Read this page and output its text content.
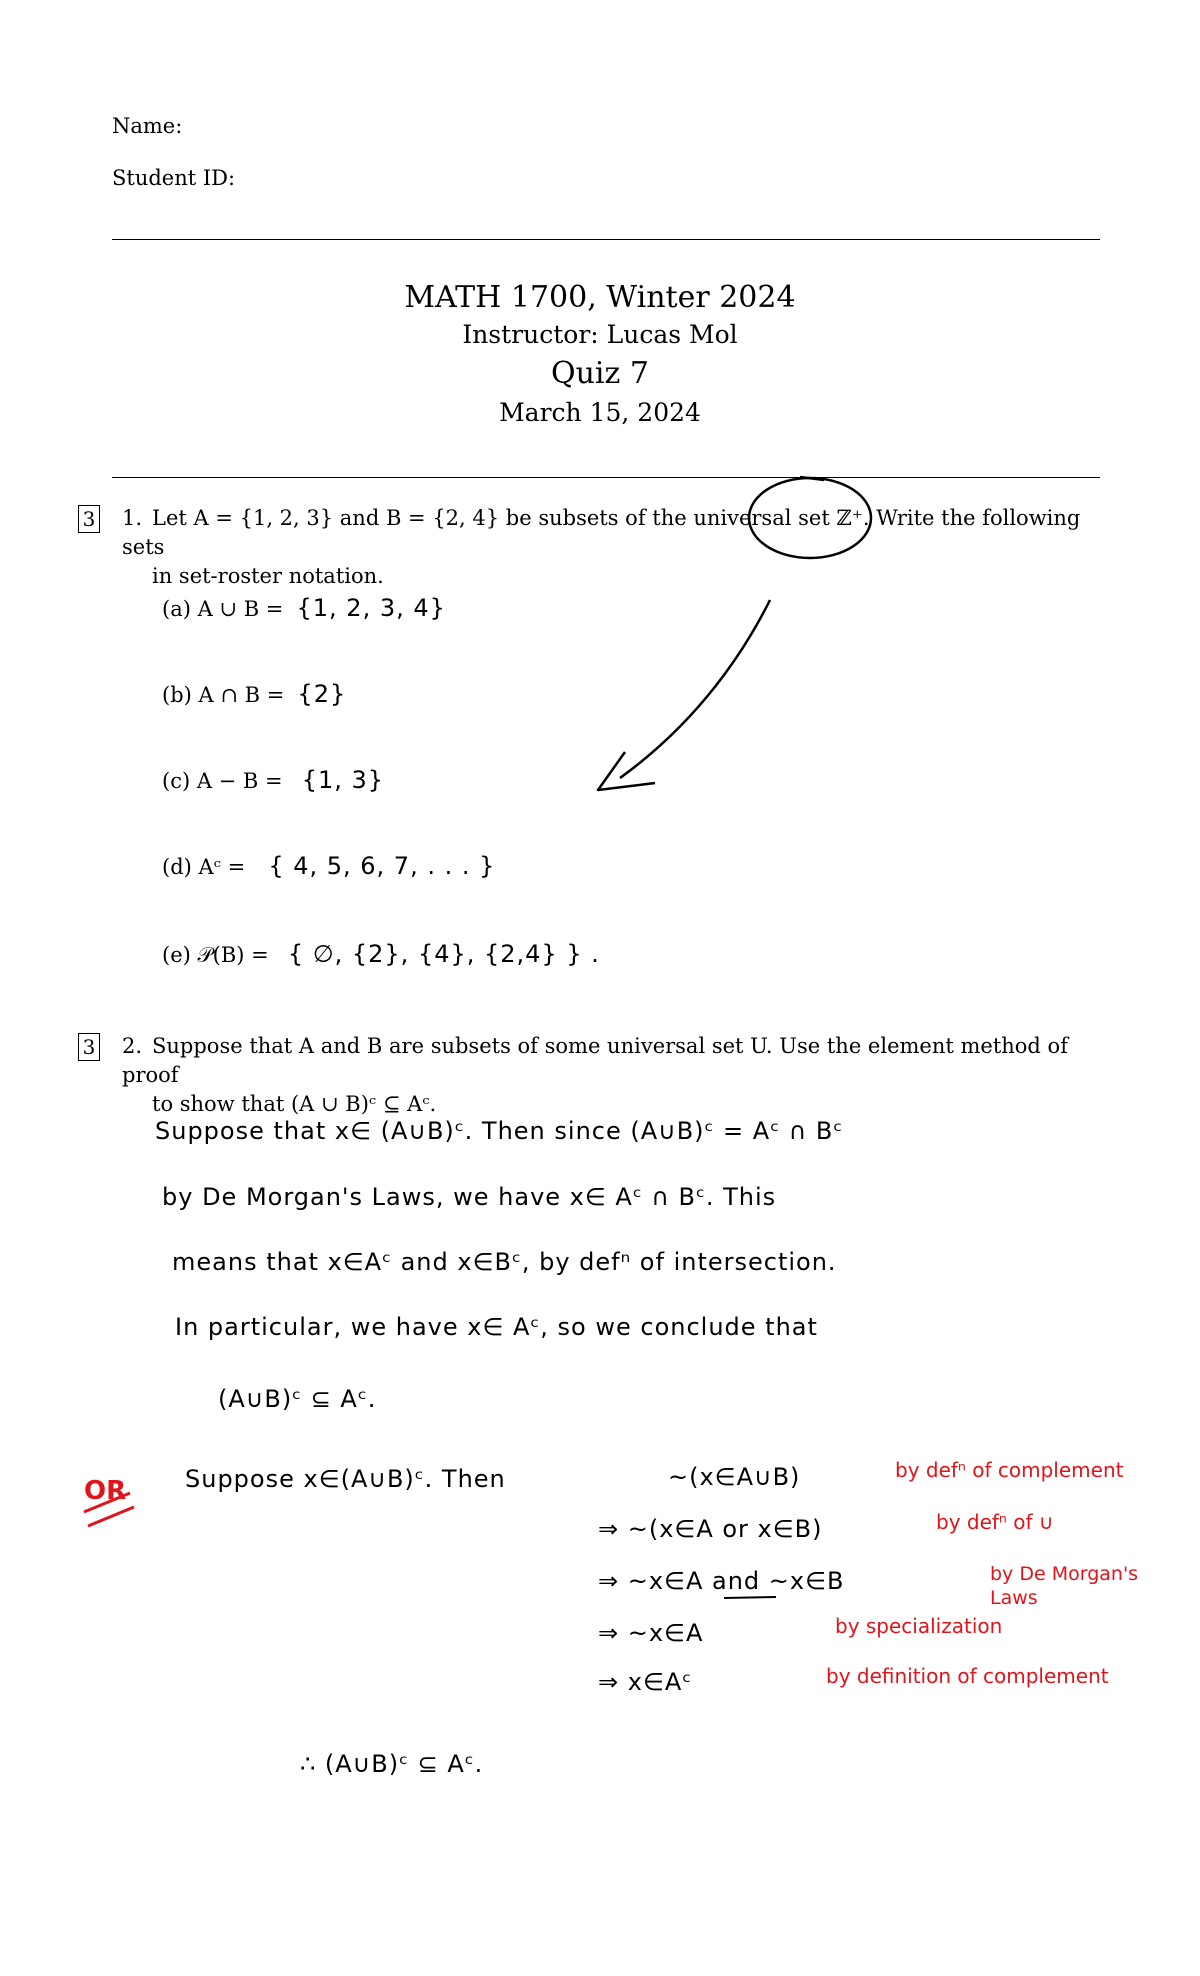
Name:
Student ID:
MATH 1700, Winter 2024
Instructor: Lucas Mol
Quiz 7
March 15, 2024
3 1. Let A = {1, 2, 3} and B = {2, 4} be subsets of the universal set ℤ⁺. Write the following sets
in set-roster notation.
(a) A ∪ B = {1, 2, 3, 4}
(b) A ∩ B = {2}
(c) A − B = {1, 3}
(d) Aᶜ = { 4, 5, 6, 7, . . . }
(e) 𝒫(B) = { ∅, {2}, {4}, {2,4} } .
3 2. Suppose that A and B are subsets of some universal set U. Use the element method of proof
to show that (A ∪ B)ᶜ ⊆ Aᶜ.
Suppose that x∈ (A∪B)ᶜ. Then since (A∪B)ᶜ = Aᶜ ∩ Bᶜ
by De Morgan's Laws, we have x∈ Aᶜ ∩ Bᶜ. This
means that x∈Aᶜ and x∈Bᶜ, by defⁿ of intersection.
In particular, we have x∈ Aᶜ, so we conclude that
(A∪B)ᶜ ⊆ Aᶜ.
OR Suppose x∈(A∪B)ᶜ. Then	~(x∈A∪B)	by defⁿ of complement
⇒ ~(x∈A or x∈B)	by defⁿ of ∪
⇒ ~x∈A and ~x∈B	by De Morgan's Laws
⇒ ~x∈A	by specialization
⇒ x∈Aᶜ	by definition of complement
∴ (A∪B)ᶜ ⊆ Aᶜ.
